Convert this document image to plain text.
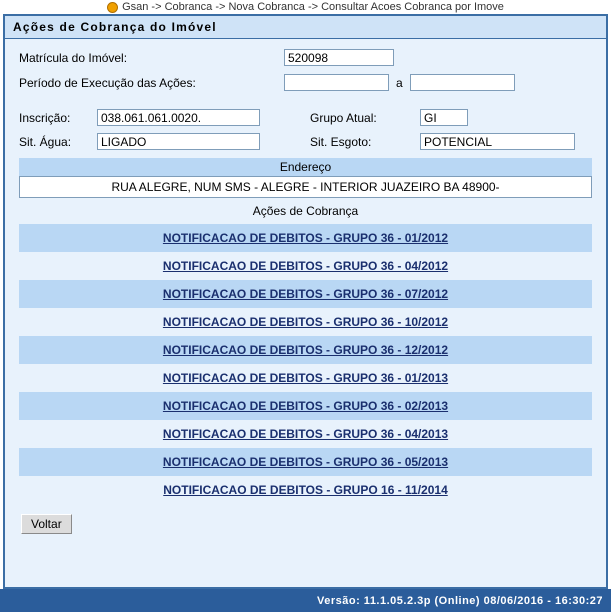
Gsan -> Cobranca -> Nova Cobranca -> Consultar Acoes Cobranca por Imove
Ações de Cobrança do Imóvel
Matrícula do Imóvel:
520098
Período de Execução das Ações:	a
Inscrição:
038.061.061.0020.	Grupo Atual:
GI
Sit. Água:
LIGADO	Sit. Esgoto:
POTENCIAL
Endereço
RUA ALEGRE, NUM SMS - ALEGRE - INTERIOR JUAZEIRO BA 48900-
Ações de Cobrança
NOTIFICACAO DE DEBITOS - GRUPO 36 - 01/2012
NOTIFICACAO DE DEBITOS - GRUPO 36 - 04/2012
NOTIFICACAO DE DEBITOS - GRUPO 36 - 07/2012
NOTIFICACAO DE DEBITOS - GRUPO 36 - 10/2012
NOTIFICACAO DE DEBITOS - GRUPO 36 - 12/2012
NOTIFICACAO DE DEBITOS - GRUPO 36 - 01/2013
NOTIFICACAO DE DEBITOS - GRUPO 36 - 02/2013
NOTIFICACAO DE DEBITOS - GRUPO 36 - 04/2013
NOTIFICACAO DE DEBITOS - GRUPO 36 - 05/2013
NOTIFICACAO DE DEBITOS - GRUPO 16 - 11/2014
Voltar
Versão: 11.1.05.2.3p (Online) 08/06/2016 - 16:30:27
